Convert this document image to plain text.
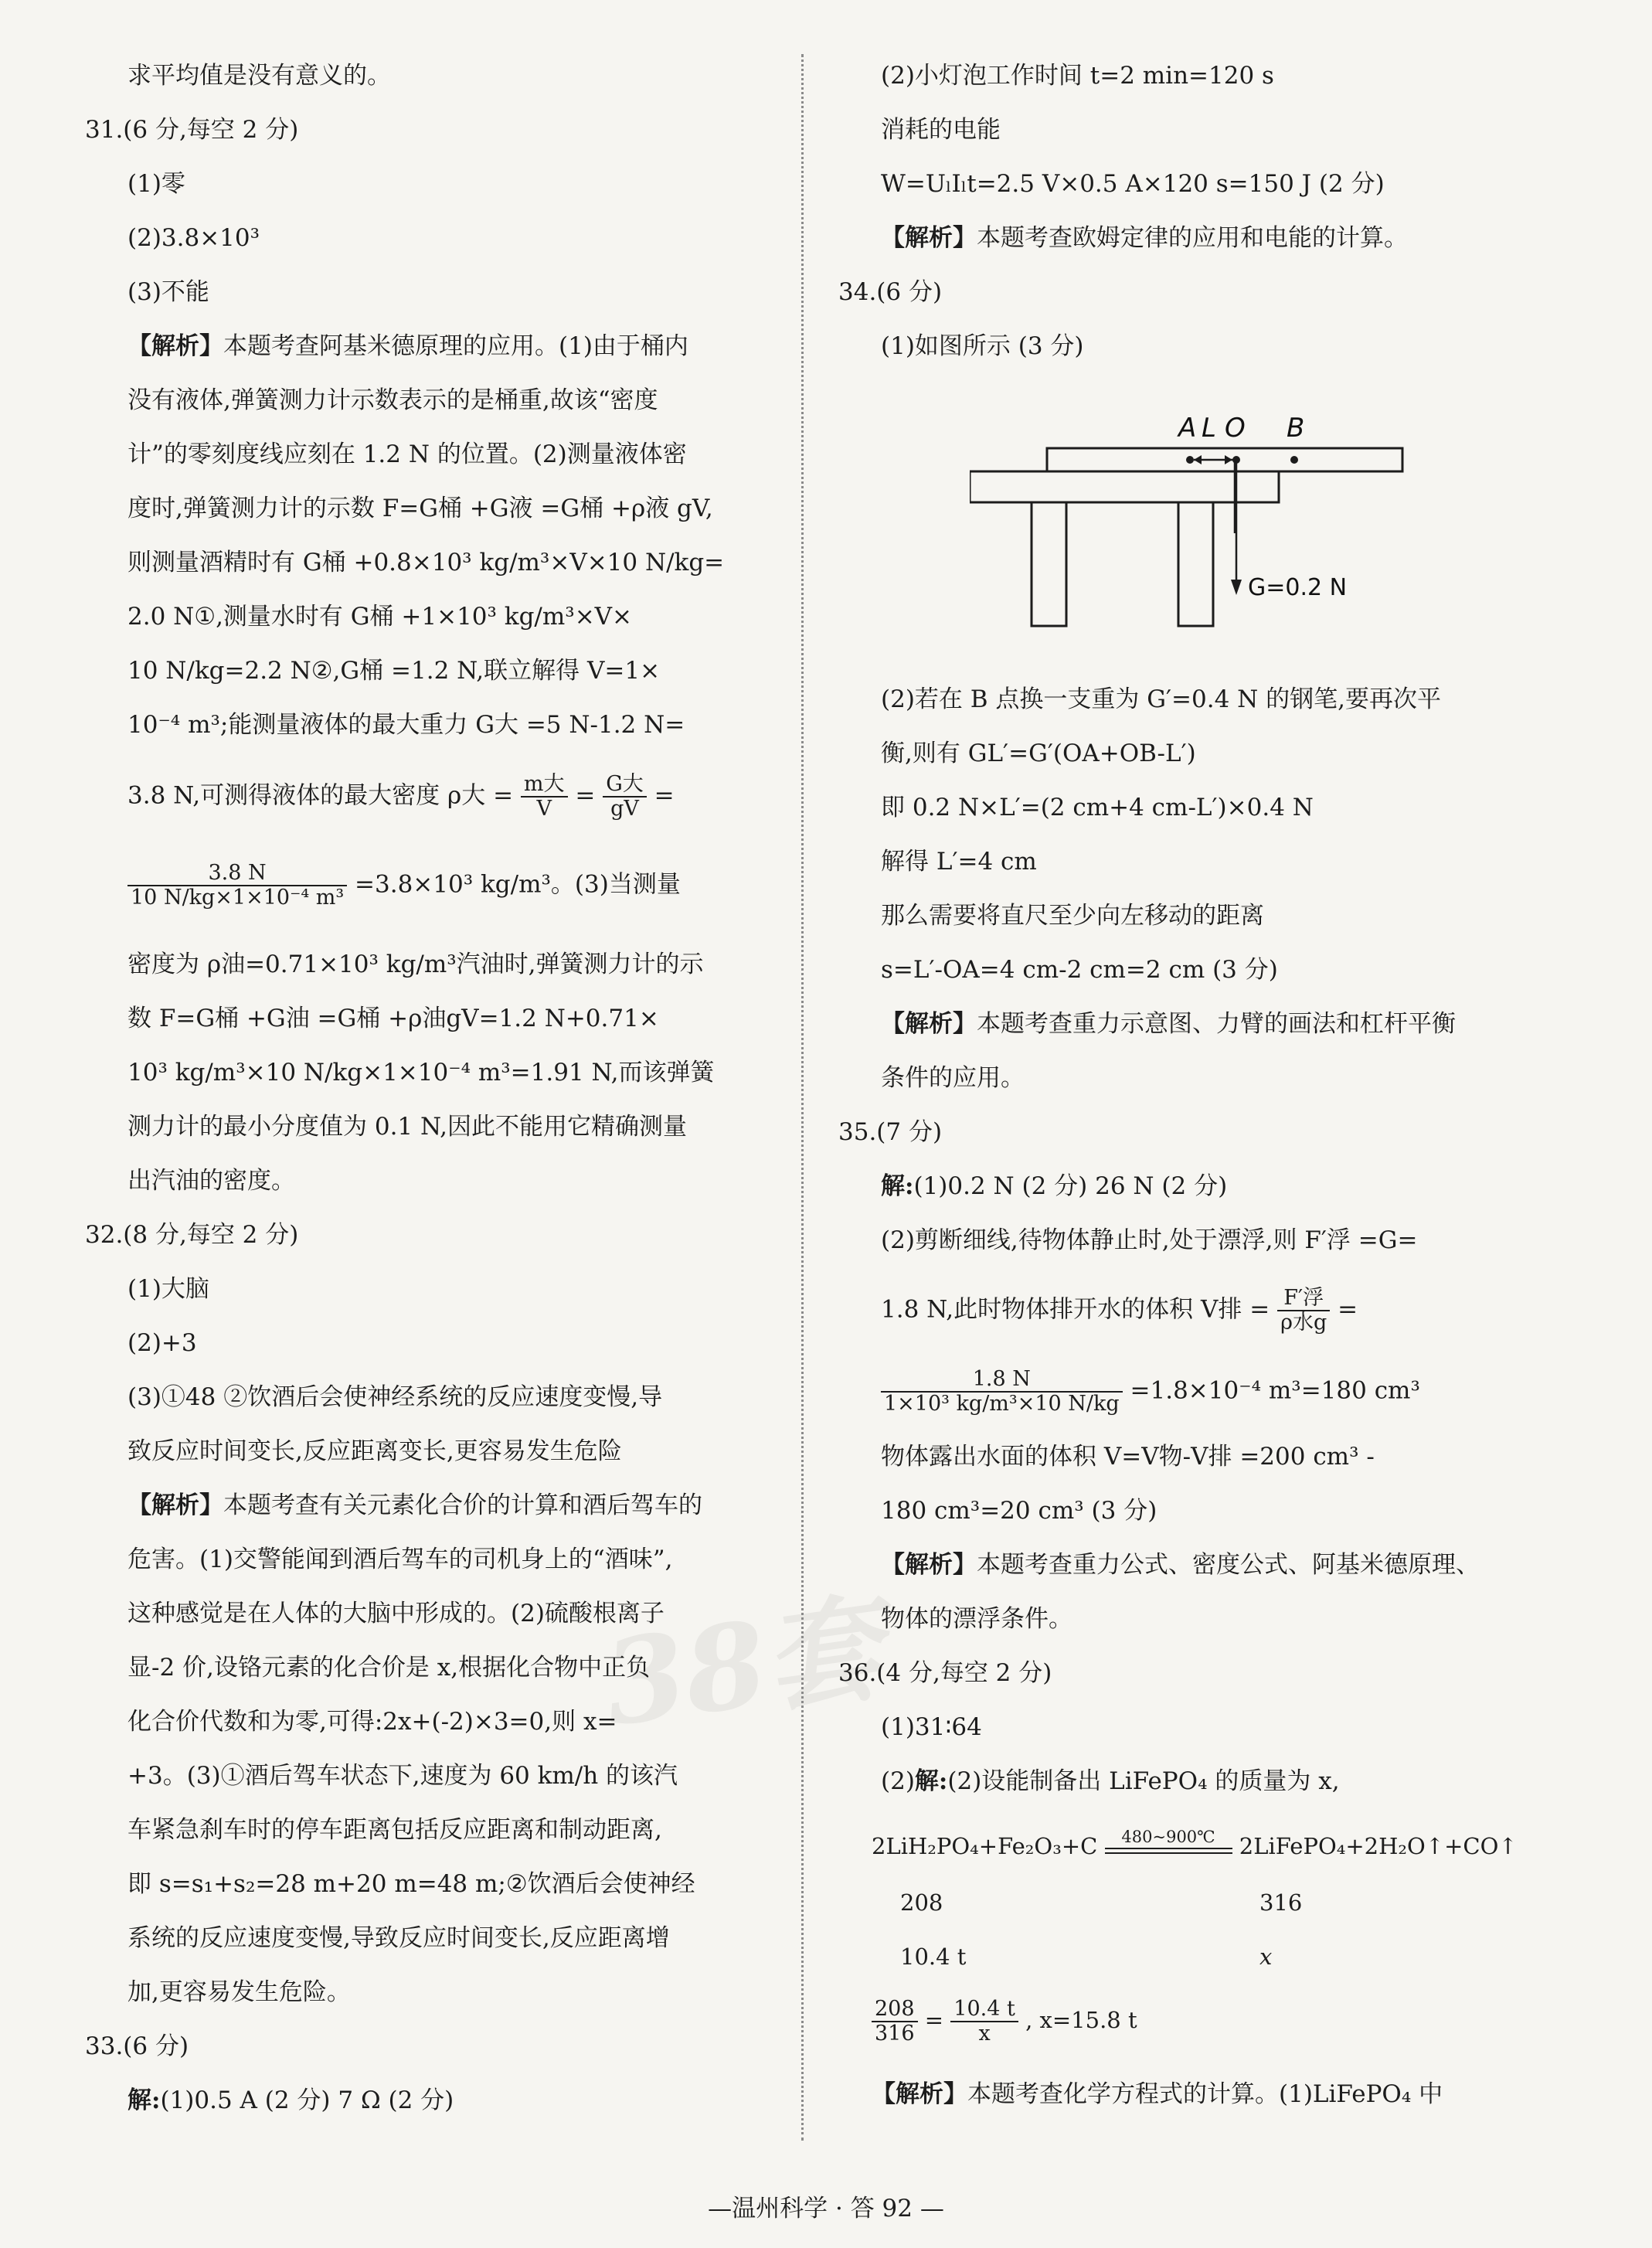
38套
求平均值是没有意义的。
31.(6 分,每空 2 分)
(1)零
(2)3.8×10³
(3)不能
【解析】本题考查阿基米德原理的应用。(1)由于桶内
没有液体,弹簧测力计示数表示的是桶重,故该“密度
计”的零刻度线应刻在 1.2 N 的位置。(2)测量液体密
度时,弹簧测力计的示数 F=G桶 +G液 =G桶 +ρ液 gV,
则测量酒精时有 G桶 +0.8×10³ kg/m³×V×10 N/kg=
2.0 N①,测量水时有 G桶 +1×10³ kg/m³×V×
10 N/kg=2.2 N②,G桶 =1.2 N,联立解得 V=1×
10⁻⁴ m³;能测量液体的最大重力 G大 =5 N-1.2 N=
3.8 N,可测得液体的最大密度 ρ大 = $\frac{\text{m大}}{V} = \frac{\text{G大}}{gV}$ =
$\frac{3.8 N}{\text{10 N/kg×1×10⁻⁴ m³}} =3.8\times 10^3$ kg/m³。(3)当测量
密度为 ρ油=0.71×10³ kg/m³汽油时,弹簧测力计的示
数 F=G桶 +G油 =G桶 +ρ油gV=1.2 N+0.71×
10³ kg/m³×10 N/kg×1×10⁻⁴ m³=1.91 N,而该弹簧
测力计的最小分度值为 0.1 N,因此不能用它精确测量
出汽油的密度。
32.(8 分,每空 2 分)
(1)大脑
(2)+3
(3)①48 ②饮酒后会使神经系统的反应速度变慢,导
致反应时间变长,反应距离变长,更容易发生危险
【解析】本题考查有关元素化合价的计算和酒后驾车的
危害。(1)交警能闻到酒后驾车的司机身上的“酒味”,
这种感觉是在人体的大脑中形成的。(2)硫酸根离子
显-2 价,设铬元素的化合价是 x,根据化合物中正负
化合价代数和为零,可得:2x+(-2)×3=0,则 x=
+3。(3)①酒后驾车状态下,速度为 60 km/h 的该汽
车紧急刹车时的停车距离包括反应距离和制动距离,
即 s=s₁+s₂=28 m+20 m=48 m;②饮酒后会使神经
系统的反应速度变慢,导致反应时间变长,反应距离增
加,更容易发生危险。
33.(6 分)
解:(1)0.5 A (2 分) 7 Ω (2 分)
(2)小灯泡工作时间 t=2 min=120 s
消耗的电能
W=UₗIₗt=2.5 V×0.5 A×120 s=150 J (2 分)
【解析】本题考查欧姆定律的应用和电能的计算。
34.(6 分)
(1)如图所示 (3 分)
A L O B
G=0.2 N
(2)若在 B 点换一支重为 G′=0.4 N 的钢笔,要再次平
衡,则有 GL′=G′(OA+OB-L′)
即 0.2 N×L′=(2 cm+4 cm-L′)×0.4 N
解得 L′=4 cm
那么需要将直尺至少向左移动的距离
s=L′-OA=4 cm-2 cm=2 cm (3 分)
【解析】本题考查重力示意图、力臂的画法和杠杆平衡
条件的应用。
35.(7 分)
解:(1)0.2 N (2 分) 26 N (2 分)
(2)剪断细线,待物体静止时,处于漂浮,则 F′浮 =G=
1.8 N,此时物体排开水的体积 V排 = $\frac{\text{F′浮}}{\text{ρ水g}}$ =
$\frac{1.8 N}{\text{1×10³ kg/m³×10 N/kg}} =1.8\times 10^{-4}$ m³=180 cm³
物体露出水面的体积 V=V物-V排 =200 cm³ -
180 cm³=20 cm³ (3 分)
【解析】本题考查重力公式、密度公式、阿基米德原理、
物体的漂浮条件。
36.(4 分,每空 2 分)
(1)31∶64
(2)解:(2)设能制备出 LiFePO₄ 的质量为 x,
2LiH₂PO₄+Fe₂O₃+C	480~900℃	2LiFePO₄+2H₂O↑+CO↑
208	316
10.4 t	x
$\frac{208}{316} = \frac{10.4 t}{x}$ , x=15.8 t
【解析】本题考查化学方程式的计算。(1)LiFePO₄ 中
—温州科学 · 答 92 —
